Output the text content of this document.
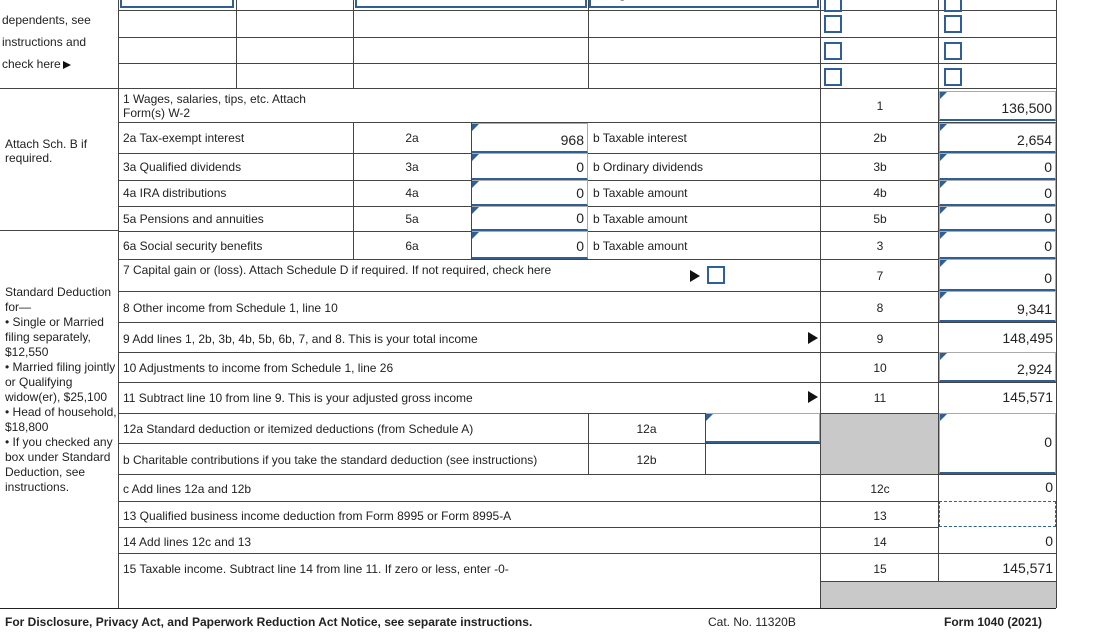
dependents, see
instructions and
check here
Attach Sch. B if required.
Standard Deduction for—
• Single or Married filing separately, $12,550
• Married filing jointly or Qualifying widow(er), $25,100
• Head of household, $18,800
• If you checked any box under Standard Deduction, see instructions.
1 Wages, salaries, tips, etc. Attach Form(s) W-2	1	136,500
2a Tax-exempt interest	2a	968 b Taxable interest	2b	2,654
3a Qualified dividends	3a	0 b Ordinary dividends	3b	0
4a IRA distributions	4a	0 b Taxable amount	4b	0
5a Pensions and annuities	5a	0 b Taxable amount	5b	0
6a Social security benefits	6a	0 b Taxable amount	3	0
7 Capital gain or (loss). Attach Schedule D if required. If not required, check here	7	0
8 Other income from Schedule 1, line 10	8	9,341
9 Add lines 1, 2b, 3b, 4b, 5b, 6b, 7, and 8. This is your total income	9	148,495
10 Adjustments to income from Schedule 1, line 26	10	2,924
11 Subtract line 10 from line 9. This is your adjusted gross income	11	145,571
12a Standard deduction or itemized deductions (from Schedule A)	12a
b Charitable contributions if you take the standard deduction (see instructions)	12b
0
c Add lines 12a and 12b	12c	0
13 Qualified business income deduction from Form 8995 or Form 8995-A	13
14 Add lines 12c and 13	14	0
15 Taxable income. Subtract line 14 from line 11. If zero or less, enter -0-	15	145,571
For Disclosure, Privacy Act, and Paperwork Reduction Act Notice, see separate instructions.	Cat. No. 11320B	Form 1040 (2021)
